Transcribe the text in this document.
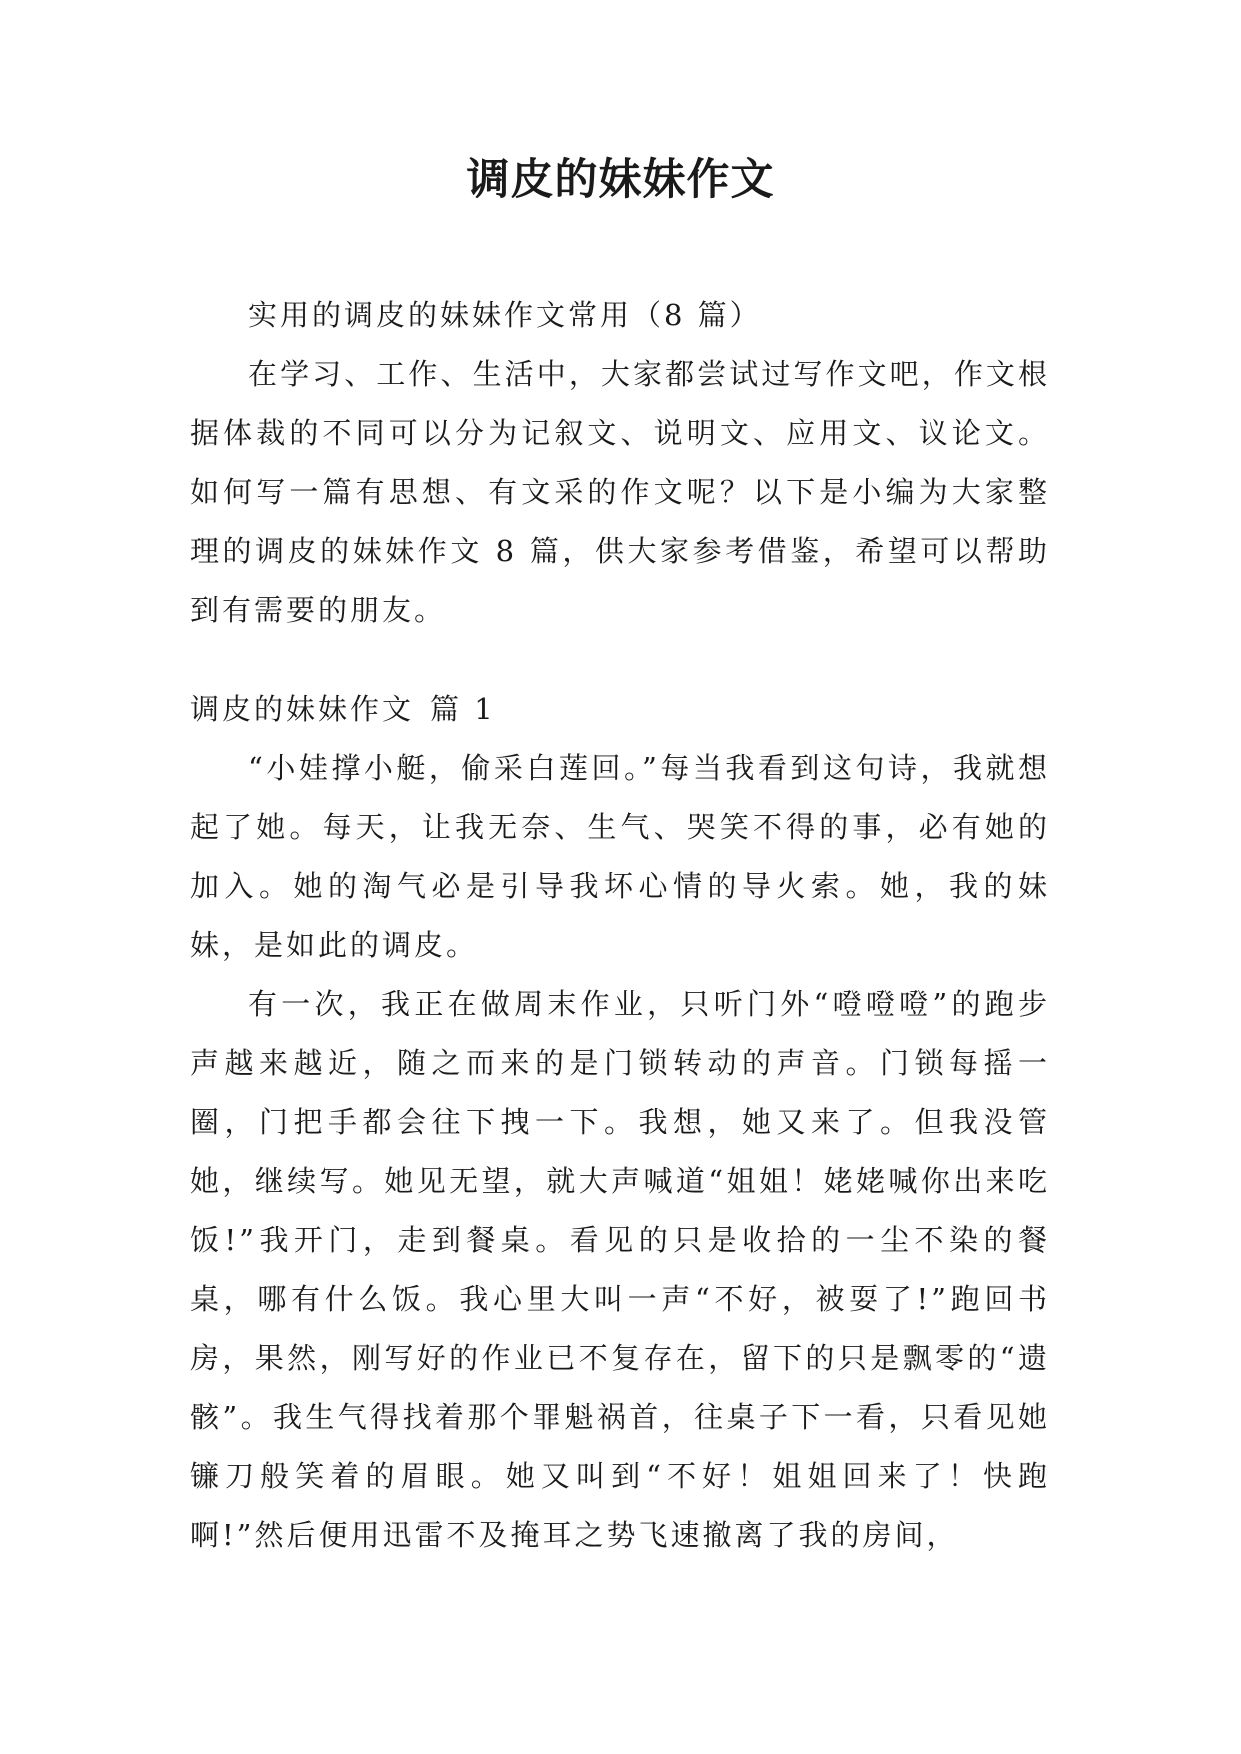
调皮的妹妹作文

实用的调皮的妹妹作文常用（8 篇）

在学习、工作、生活中，大家都尝试过写作文吧，作文根据体裁的不同可以分为记叙文、说明文、应用文、议论文。如何写一篇有思想、有文采的作文呢？以下是小编为大家整理的调皮的妹妹作文 8 篇，供大家参考借鉴，希望可以帮助到有需要的朋友。

调皮的妹妹作文 篇 1

“小娃撑小艇，偷采白莲回。”每当我看到这句诗，我就想起了她。每天，让我无奈、生气、哭笑不得的事，必有她的加入。她的淘气必是引导我坏心情的导火索。她，我的妹妹，是如此的调皮。

有一次，我正在做周末作业，只听门外“噔噔噔”的跑步声越来越近，随之而来的是门锁转动的声音。门锁每摇一圈，门把手都会往下拽一下。我想，她又来了。但我没管她，继续写。她见无望，就大声喊道“姐姐！姥姥喊你出来吃饭!”我开门，走到餐桌。看见的只是收拾的一尘不染的餐桌，哪有什么饭。我心里大叫一声“不好，被耍了!”跑回书房，果然，刚写好的作业已不复存在，留下的只是飘零的“遗骸”。我生气得找着那个罪魁祸首，往桌子下一看，只看见她镰刀般笑着的眉眼。她又叫到“不好！姐姐回来了！快跑啊!”然后便用迅雷不及掩耳之势飞速撤离了我的房间，
